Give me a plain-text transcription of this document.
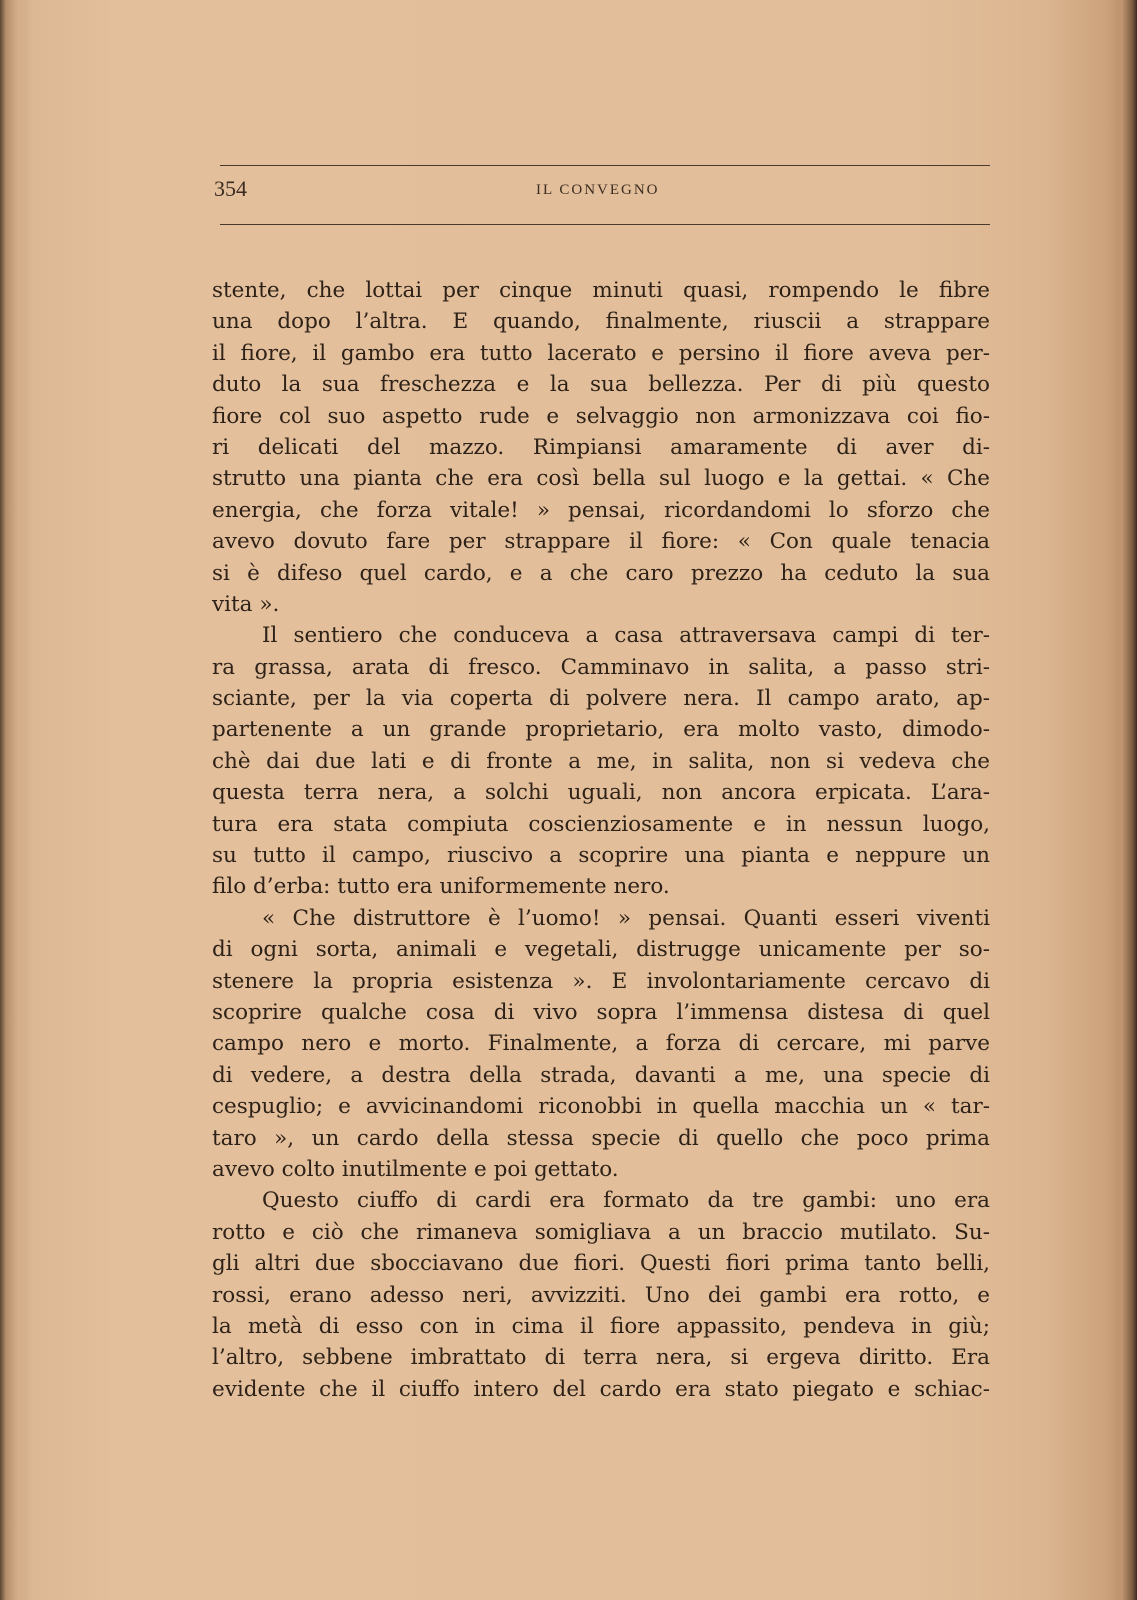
354	IL CONVEGNO
stente, che lottai per cinque minuti quasi, rompendo le fibre
una dopo l’altra. E quando, finalmente, riuscii a strappare
il fiore, il gambo era tutto lacerato e persino il fiore aveva per-
duto la sua freschezza e la sua bellezza. Per di più questo
fiore col suo aspetto rude e selvaggio non armonizzava coi fio-
ri delicati del mazzo. Rimpiansi amaramente di aver di-
strutto una pianta che era così bella sul luogo e la gettai. « Che
energia, che forza vitale! » pensai, ricordandomi lo sforzo che
avevo dovuto fare per strappare il fiore: « Con quale tenacia
si è difeso quel cardo, e a che caro prezzo ha ceduto la sua
vita ».
Il sentiero che conduceva a casa attraversava campi di ter-
ra grassa, arata di fresco. Camminavo in salita, a passo stri-
sciante, per la via coperta di polvere nera. Il campo arato, ap-
partenente a un grande proprietario, era molto vasto, dimodo-
chè dai due lati e di fronte a me, in salita, non si vedeva che
questa terra nera, a solchi uguali, non ancora erpicata. L’ara-
tura era stata compiuta coscienziosamente e in nessun luogo,
su tutto il campo, riuscivo a scoprire una pianta e neppure un
filo d’erba: tutto era uniformemente nero.
« Che distruttore è l’uomo! » pensai. Quanti esseri viventi
di ogni sorta, animali e vegetali, distrugge unicamente per so-
stenere la propria esistenza ». E involontariamente cercavo di
scoprire qualche cosa di vivo sopra l’immensa distesa di quel
campo nero e morto. Finalmente, a forza di cercare, mi parve
di vedere, a destra della strada, davanti a me, una specie di
cespuglio; e avvicinandomi riconobbi in quella macchia un « tar-
taro », un cardo della stessa specie di quello che poco prima
avevo colto inutilmente e poi gettato.
Questo ciuffo di cardi era formato da tre gambi: uno era
rotto e ciò che rimaneva somigliava a un braccio mutilato. Su-
gli altri due sbocciavano due fiori. Questi fiori prima tanto belli,
rossi, erano adesso neri, avvizziti. Uno dei gambi era rotto, e
la metà di esso con in cima il fiore appassito, pendeva in giù;
l’altro, sebbene imbrattato di terra nera, si ergeva diritto. Era
evidente che il ciuffo intero del cardo era stato piegato e schiac-
